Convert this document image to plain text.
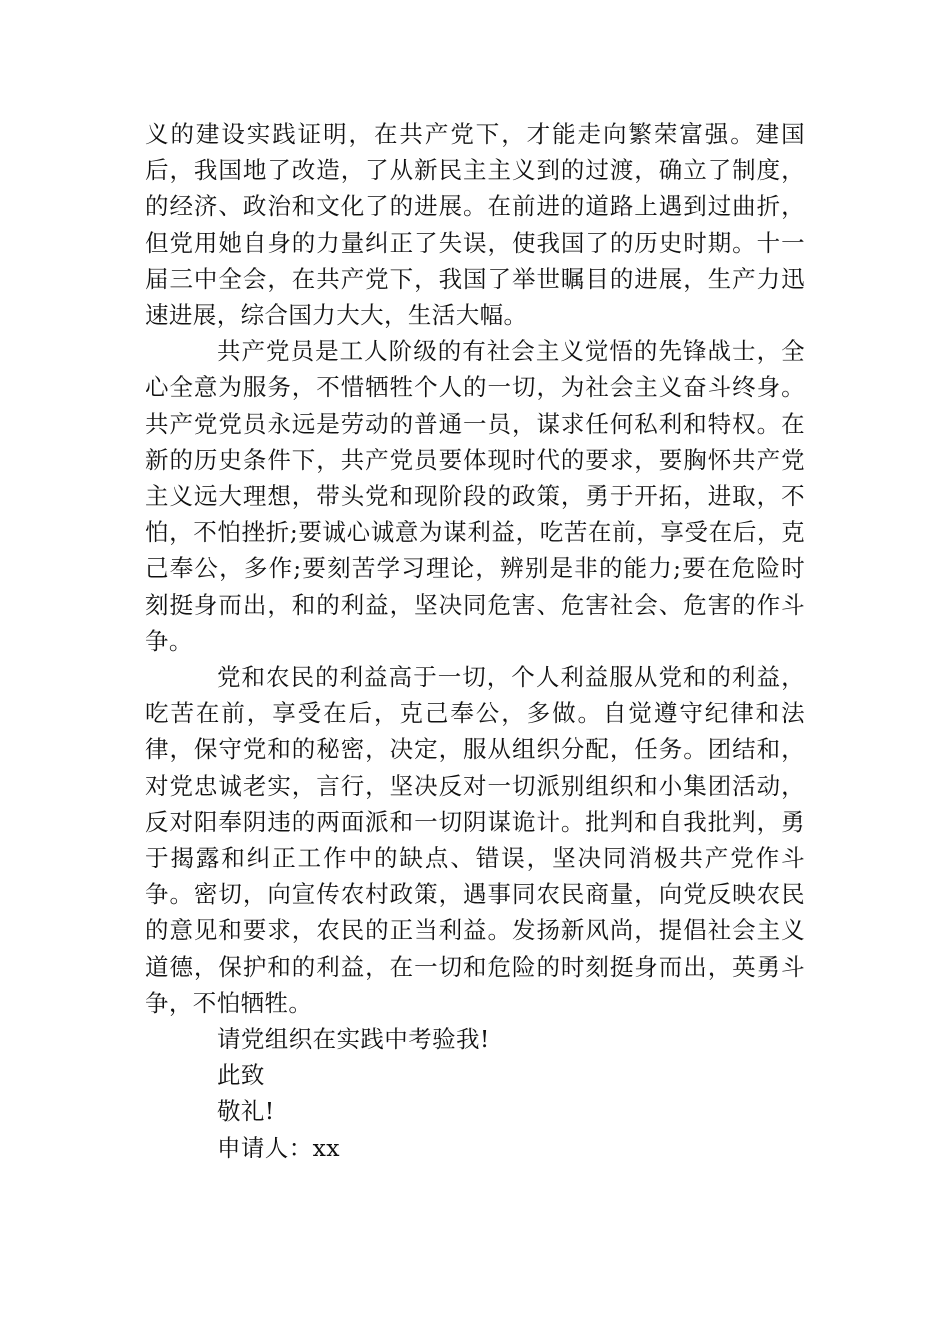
义的建设实践证明，在共产党下，才能走向繁荣富强。建国后，我国地了改造，了从新民主主义到的过渡，确立了制度，的经济、政治和文化了的进展。在前进的道路上遇到过曲折，但党用她自身的力量纠正了失误，使我国了的历史时期。十一届三中全会，在共产党下，我国了举世瞩目的进展，生产力迅速进展，综合国力大大，生活大幅。

共产党员是工人阶级的有社会主义觉悟的先锋战士，全心全意为服务，不惜牺牲个人的一切，为社会主义奋斗终身。共产党党员永远是劳动的普通一员，谋求任何私利和特权。在新的历史条件下，共产党员要体现时代的要求，要胸怀共产党主义远大理想，带头党和现阶段的政策，勇于开拓，进取，不怕，不怕挫折;要诚心诚意为谋利益，吃苦在前，享受在后，克己奉公，多作;要刻苦学习理论，辨别是非的能力;要在危险时刻挺身而出，和的利益，坚决同危害、危害社会、危害的作斗争。

党和农民的利益高于一切，个人利益服从党和的利益，吃苦在前，享受在后，克己奉公，多做。自觉遵守纪律和法律，保守党和的秘密，决定，服从组织分配，任务。团结和，对党忠诚老实，言行，坚决反对一切派别组织和小集团活动，反对阳奉阴违的两面派和一切阴谋诡计。批判和自我批判，勇于揭露和纠正工作中的缺点、错误，坚决同消极共产党作斗争。密切，向宣传农村政策，遇事同农民商量，向党反映农民的意见和要求，农民的正当利益。发扬新风尚，提倡社会主义道德，保护和的利益，在一切和危险的时刻挺身而出，英勇斗争，不怕牺牲。

请党组织在实践中考验我!

此致

敬礼!

申请人：xx
